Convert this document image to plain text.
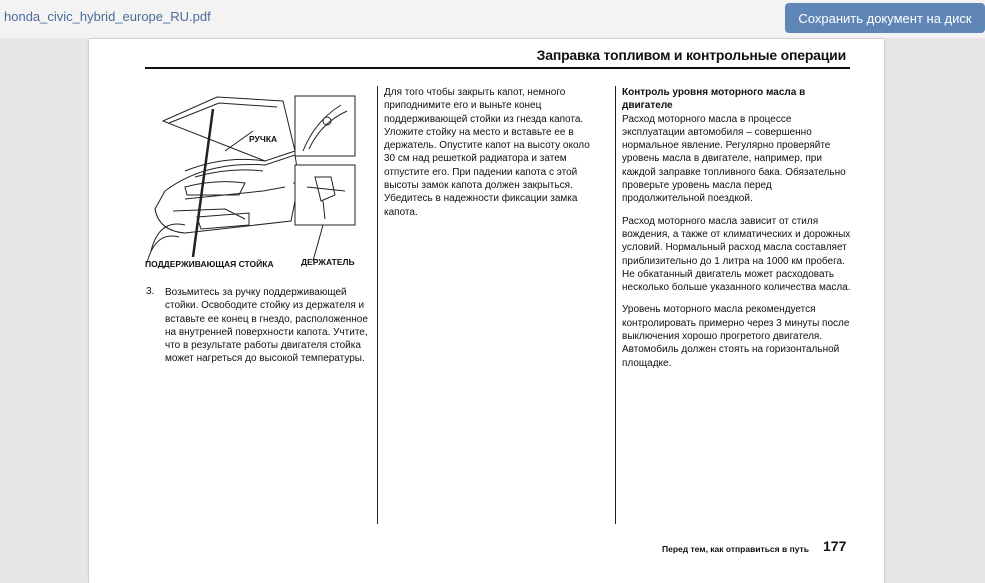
honda_civic_hybrid_europe_RU.pdf	Сохранить документ на диск
Заправка топливом и контрольные операции
РУЧКА
ПОДДЕРЖИВАЮЩАЯ СТОЙКА	ДЕРЖАТЕЛЬ
3. Возьмитесь за ручку поддерживающей стойки. Освободите стойку из держателя и вставьте ее конец в гнездо, расположенное на внутренней поверхности капота. Учтите, что в результате работы двигателя стойка может нагреться до высокой температуры.
Для того чтобы закрыть капот, немного приподнимите его и выньте конец поддерживающей стойки из гнезда капота. Уложите стойку на место и вставьте ее в держатель. Опустите капот на высоту около 30 см над решеткой радиатора и затем отпустите его. При падении капота с этой высоты замок капота должен закрыться. Убедитесь в надежности фиксации замка капота.
Контроль уровня моторного масла в двигателе

Расход моторного масла в процессе эксплуатации автомобиля – совершенно нормальное явление. Регулярно проверяйте уровень масла в двигателе, например, при каждой заправке топливного бака. Обязательно проверьте уровень масла перед продолжительной поездкой.

Расход моторного масла зависит от стиля вождения, а также от климатических и дорожных условий. Нормальный расход масла составляет приблизительно до 1 литра на 1000 км пробега. Не обкатанный двигатель может расходовать несколько больше указанного количества масла.

Уровень моторного масла рекомендуется контролировать примерно через 3 минуты после выключения хорошо прогретого двигателя. Автомобиль должен стоять на горизонтальной площадке.

Перед тем, как отправиться в путь 177
